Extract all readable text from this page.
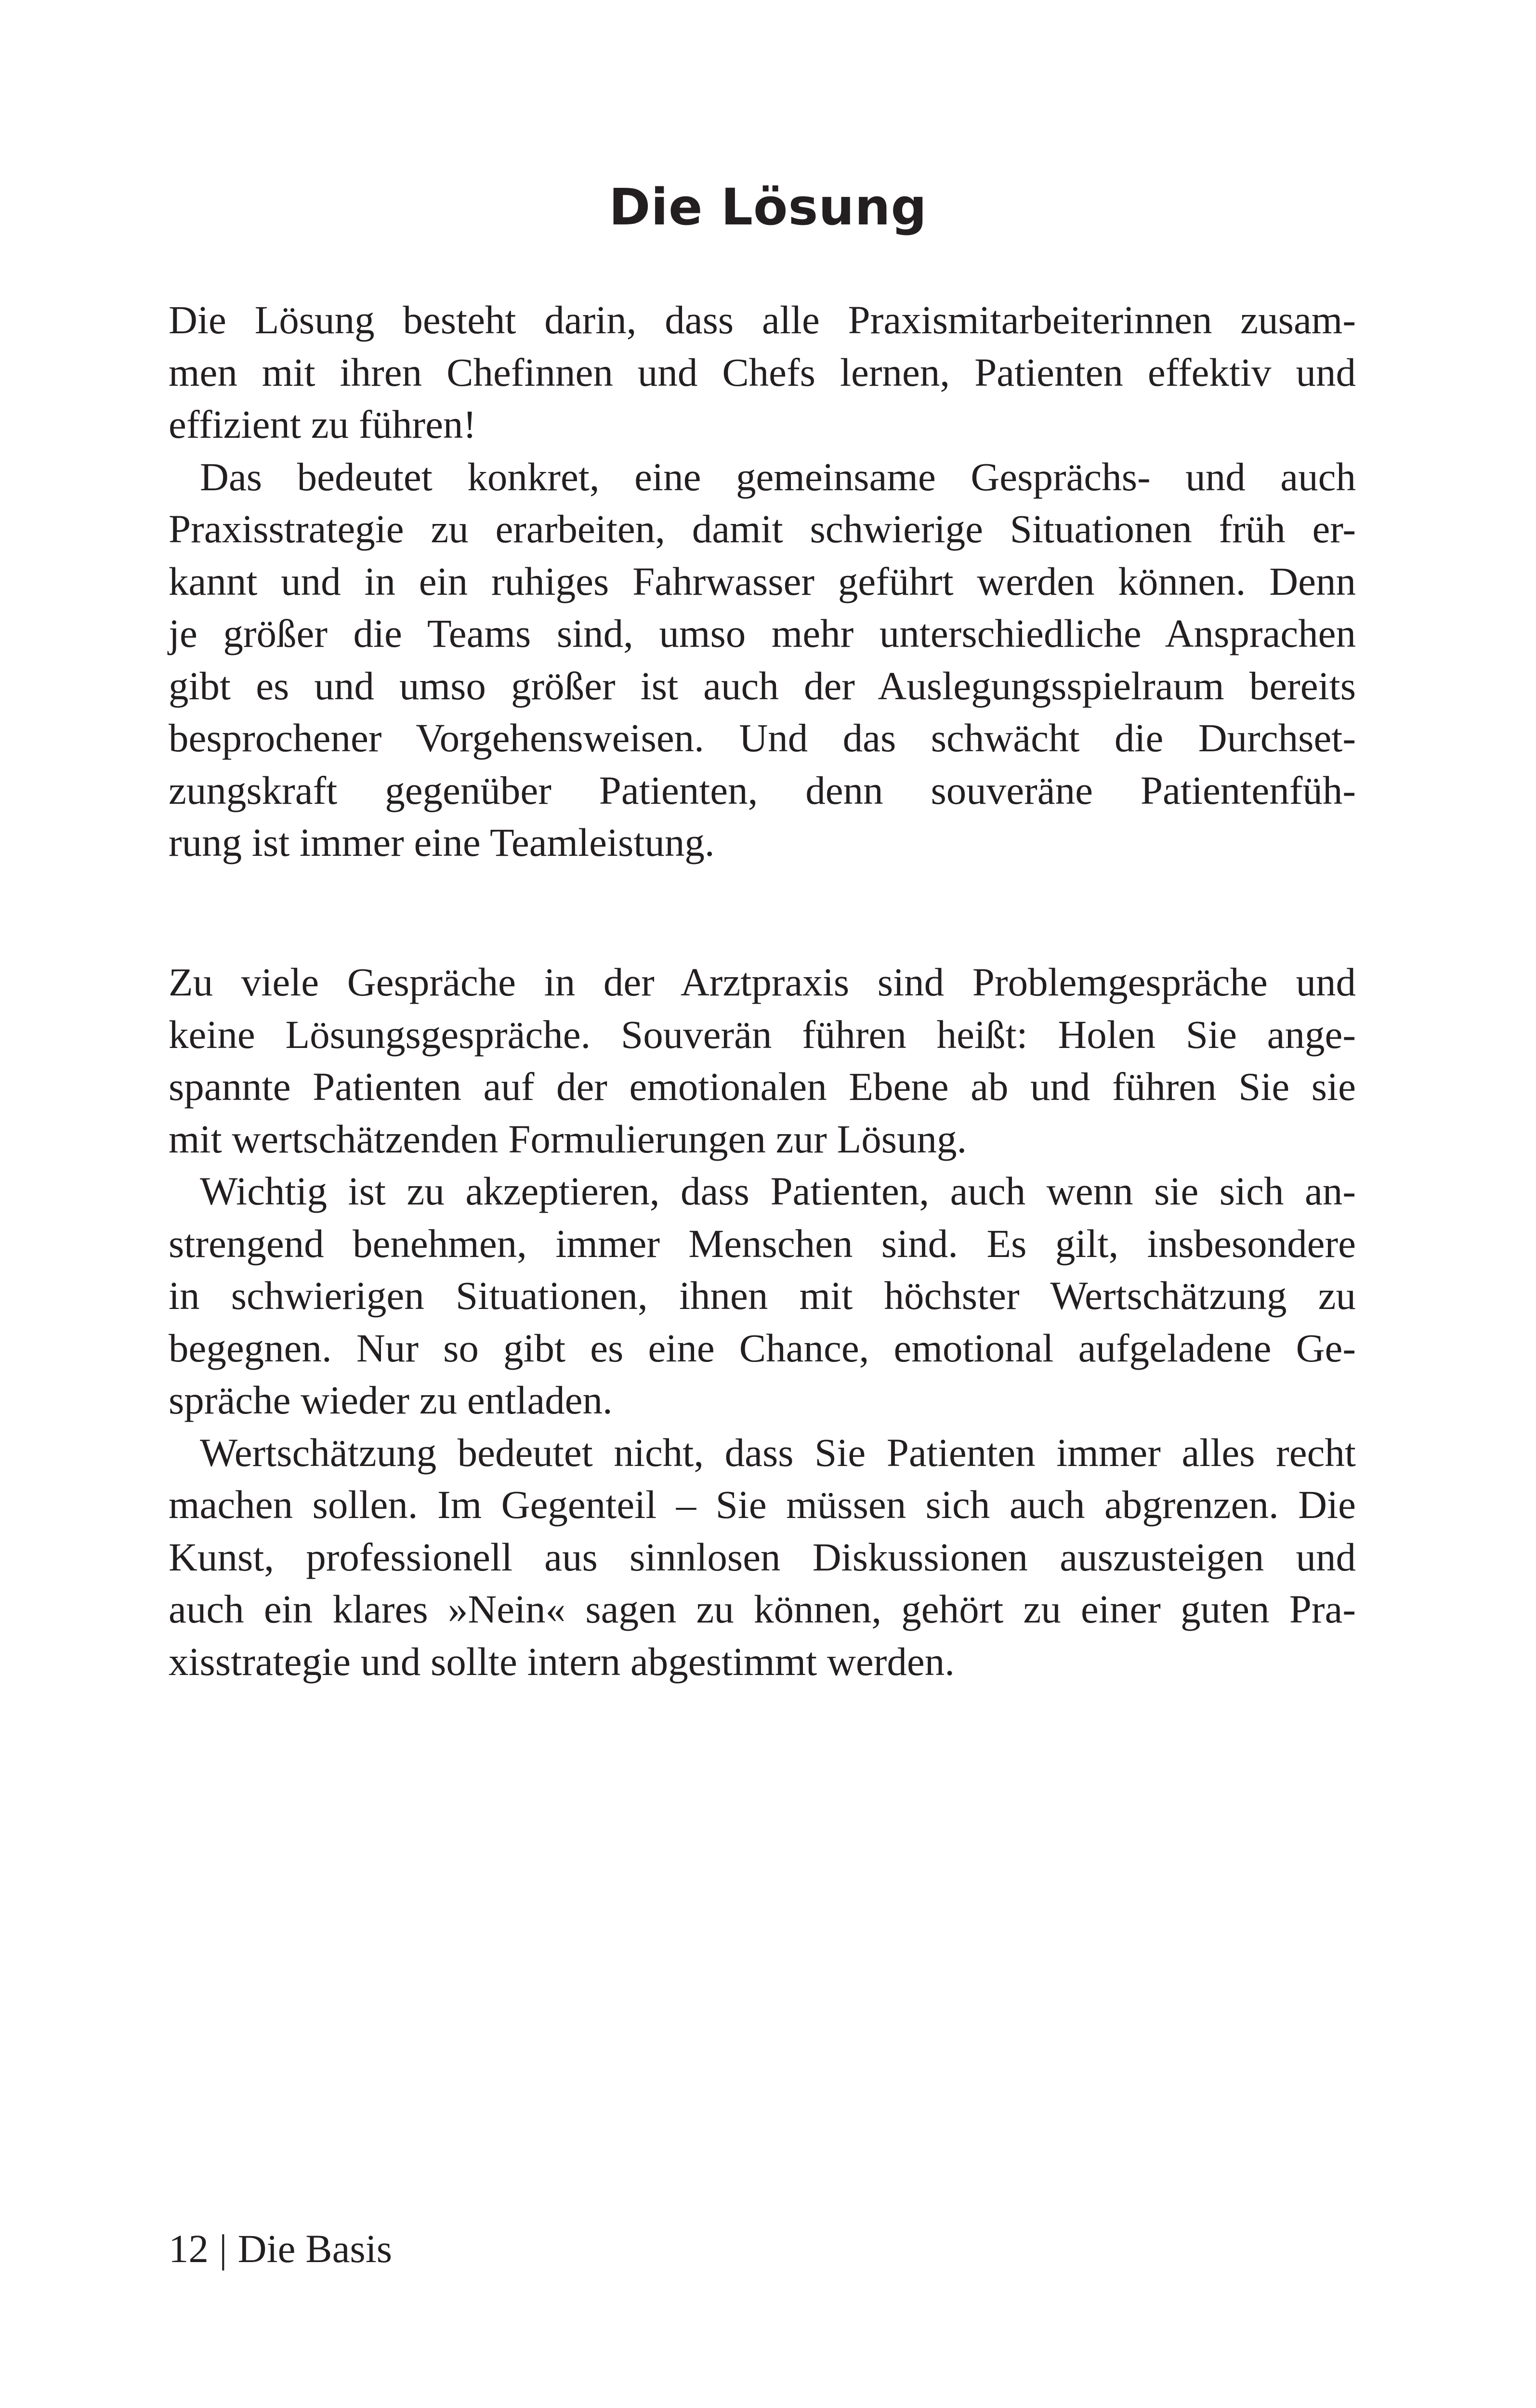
Die Lösung
Die Lösung besteht darin, dass alle Praxismitarbeiterinnen zusam-
men mit ihren Chefinnen und Chefs lernen, Patienten effektiv und
effizient zu führen!
Das bedeutet konkret, eine gemeinsame Gesprächs- und auch
Praxisstrategie zu erarbeiten, damit schwierige Situationen früh er-
kannt und in ein ruhiges Fahrwasser geführt werden können. Denn
je größer die Teams sind, umso mehr unterschiedliche Ansprachen
gibt es und umso größer ist auch der Auslegungsspielraum bereits
besprochener Vorgehensweisen. Und das schwächt die Durchset-
zungskraft gegenüber Patienten, denn souveräne Patientenfüh-
rung ist immer eine Teamleistung.
Zu viele Gespräche in der Arztpraxis sind Problemgespräche und
keine Lösungsgespräche. Souverän führen heißt: Holen Sie ange-
spannte Patienten auf der emotionalen Ebene ab und führen Sie sie
mit wertschätzenden Formulierungen zur Lösung.
Wichtig ist zu akzeptieren, dass Patienten, auch wenn sie sich an-
strengend benehmen, immer Menschen sind. Es gilt, insbesondere
in schwierigen Situationen, ihnen mit höchster Wertschätzung zu
begegnen. Nur so gibt es eine Chance, emotional aufgeladene Ge-
spräche wieder zu entladen.
Wertschätzung bedeutet nicht, dass Sie Patienten immer alles recht
machen sollen. Im Gegenteil – Sie müssen sich auch abgrenzen. Die
Kunst, professionell aus sinnlosen Diskussionen auszusteigen und
auch ein klares »Nein« sagen zu können, gehört zu einer guten Pra-
xisstrategie und sollte intern abgestimmt werden.
12 | Die Basis
